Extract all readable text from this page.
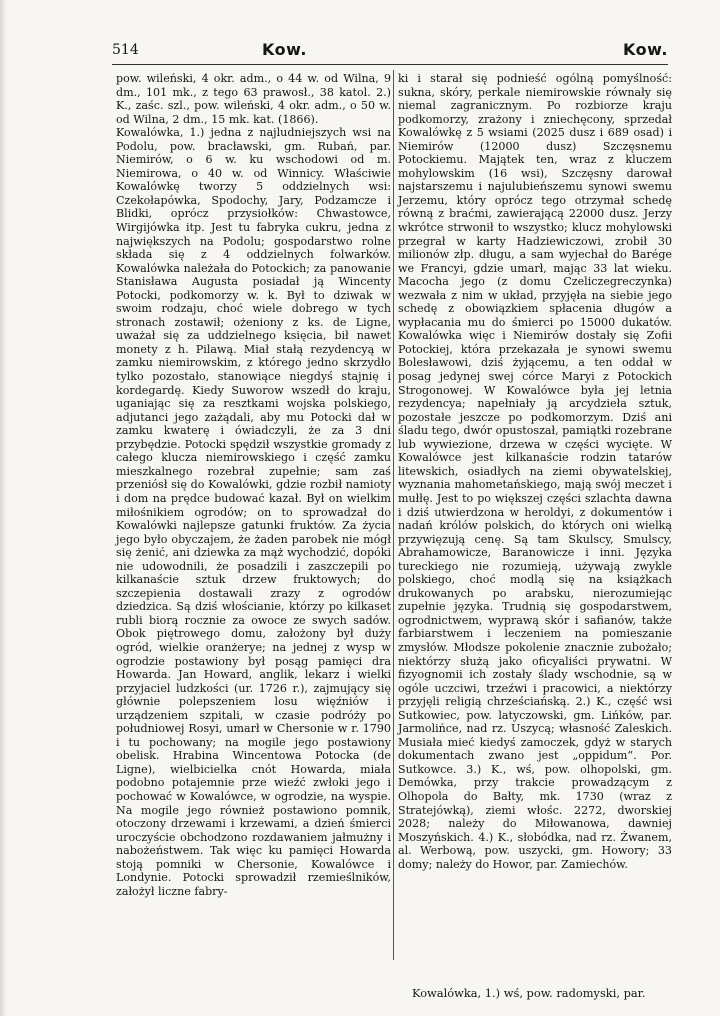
514	Kow.	Kow.

pow. wileński, 4 okr. adm., o 44 w. od Wilna, 9 dm., 101 mk., z tego 63 prawosł., 38 katol. 2.) K., zaśc. szl., pow. wileński, 4 okr. adm., o 50 w. od Wilna, 2 dm., 15 mk. kat. (1866).

Kowalówka, 1.) jedna z najludniejszych wsi na Podolu, pow. bracławski, gm. Rubań, par. Niemirów, o 6 w. ku wschodowi od m. Niemirowa, o 40 w. od Winnicy. Właściwie Kowalówkę tworzy 5 oddzielnych wsi: Czekołapówka, Spodochy, Jary, Podzamcze i Blidki, oprócz przysiołków: Chwastowce, Wirgijówka itp. Jest tu fabryka cukru, jedna z największych na Podolu; gospodarstwo rolne składa się z 4 oddzielnych folwarków. Kowalówka należała do Potockich; za panowanie Stanisława Augusta posiadał ją Wincenty Potocki, podkomorzy w. k. Był to dziwak w swoim rodzaju, choć wiele dobrego w tych stronach zostawił; ożeniony z ks. de Ligne, uważał się za uddzielnego księcia, bił nawet monety z h. Pilawą. Miał stałą rezydencyą w zamku niemirowskim, z którego jedno skrzydło tylko pozostało, stanowiące niegdyś stajnię i kordegardę. Kiedy Suworow wszedł do kraju, uganiając się za resztkami wojska polskiego, adjutanci jego zażądali, aby mu Potocki dał w zamku kwaterę i ówiadczyli, że za 3 dni przybędzie. Potocki spędził wszystkie gromady z całego klucza niemirowskiego i część zamku mieszkalnego rozebrał zupełnie; sam zaś przeniósł się do Kowalówki, gdzie rozbił namioty i dom na prędce budować kazał. Był on wielkim miłośnikiem ogrodów; on to sprowadzał do Kowalówki najlepsze gatunki fruktów. Za życia jego było obyczajem, że żaden parobek nie mógł się żenić, ani dziewka za mąż wychodzić, dopóki nie udowodnili, że posadzili i zaszczepili po kilkanaście sztuk drzew fruktowych; do szczepienia dostawali zrazy z ogrodów dziedzica. Są dziś włościanie, którzy po kilkaset rubli biorą rocznie za owoce ze swych sadów. Obok piętrowego domu, założony był duży ogród, wielkie oranżerye; na jednej z wysp w ogrodzie postawiony był posąg pamięci dra Howarda. Jan Howard, anglik, lekarz i wielki przyjaciel ludzkości (ur. 1726 r.), zajmujący się głównie polepszeniem losu więźniów i urządzeniem szpitali, w czasie podróży po południowej Rosyi, umarł w Chersonie w r. 1790 i tu pochowany; na mogile jego postawiony obelisk. Hrabina Wincentowa Potocka (de Ligne), wielbicielka cnót Howarda, miała podobno potajemnie prze wieźć zwłoki jego i pochować w Kowalówce, w ogrodzie, na wyspie. Na mogile jego również postawiono pomnik, otoczony drzewami i krzewami, a dzień śmierci uroczyście obchodzono rozdawaniem jałmużny i nabożeństwem. Tak więc ku pamięci Howarda stoją pomniki w Chersonie, Kowalówce i Londynie. Potocki sprowadził rzemieślników, założył liczne fabry-

ki i starał się podnieść ogólną pomyślność: sukna, skóry, perkale niemirowskie równały się niemal zagranicznym. Po rozbiorze kraju podkomorzy, zrażony i zniechęcony, sprzedał Kowalówkę z 5 wsiami (2025 dusz i 689 osad) i Niemirów (12000 dusz) Szczęsnemu Potockiemu. Majątek ten, wraz z kluczem mohylowskim (16 wsi), Szczęsny darował najstarszemu i najulubieńszemu synowi swemu Jerzemu, który oprócz tego otrzymał schedę równą z braćmi, zawierającą 22000 dusz. Jerzy wkrótce strwonił to wszystko; klucz mohylowski przegrał w karty Hadziewiczowi, zrobił 30 milionów złp. długu, a sam wyjechał do Barége we Francyi, gdzie umarł, mając 33 lat wieku. Macocha jego (z domu Czeliczegreczynka) wezwała z nim w układ, przyjęła na siebie jego schedę z obowiązkiem spłacenia długów a wypłacania mu do śmierci po 15000 dukatów. Kowalówka więc i Niemirów dostały się Zofii Potockiej, która przekazała je synowi swemu Bolesławowi, dziś żyjącemu, a ten oddał w posag jedynej swej córce Maryi z Potockich Strogonowej. W Kowalówce była jej letnia rezydencya; napełniały ją arcydzieła sztuk, pozostałe jeszcze po podkomorzym. Dziś ani śladu tego, dwór opustoszał, pamiątki rozebrane lub wywiezione, drzewa w części wycięte. W Kowalówce jest kilkanaście rodzin tatarów litewskich, osiadłych na ziemi obywatelskiej, wyznania mahometańskiego, mają swój meczet i mułłę. Jest to po większej części szlachta dawna i dziś utwierdzona w heroldyi, z dokumentów i nadań królów polskich, do których oni wielką przywięzują cenę. Są tam Skulscy, Smulscy, Abrahamowicze, Baranowicze i inni. Języka tureckiego nie rozumieją, używają zwykle polskiego, choć modlą się na książkach drukowanych po arabsku, nierozumiejąc zupełnie języka. Trudnią się gospodarstwem, ogrodnictwem, wyprawą skór i safianów, także farbiarstwem i leczeniem na pomieszanie zmysłów. Młodsze pokolenie znacznie zubożało; niektórzy służą jako oficyaliści prywatni. W fizyognomii ich zostały ślady wschodnie, są w ogóle uczciwi, trzeźwi i pracowici, a niektórzy przyjęli religią chrześciańską. 2.) K., część wsi Sutkowiec, pow. latyczowski, gm. Lińków, par. Jarmolińce, nad rz. Uszycą; własność Zaleskich. Musiała mieć kiedyś zamoczek, gdyż w starych dokumentach zwano jest „oppidum“. Por. Sutkowce. 3.) K., wś, pow. olhopolski, gm. Demówka, przy trakcie prowadzącym z Olhopola do Bałty, mk. 1730 (wraz z Stratejówką), ziemi włośc. 2272, dworskiej 2028; należy do Miłowanowa, dawniej Moszyńskich. 4.) K., słobódka, nad rz. Żwanem, al. Werbową, pow. uszycki, gm. Howory; 33 domy; należy do Howor, par. Zamiechów.

Kowalówka, 1.) wś, pow. radomyski, par.
